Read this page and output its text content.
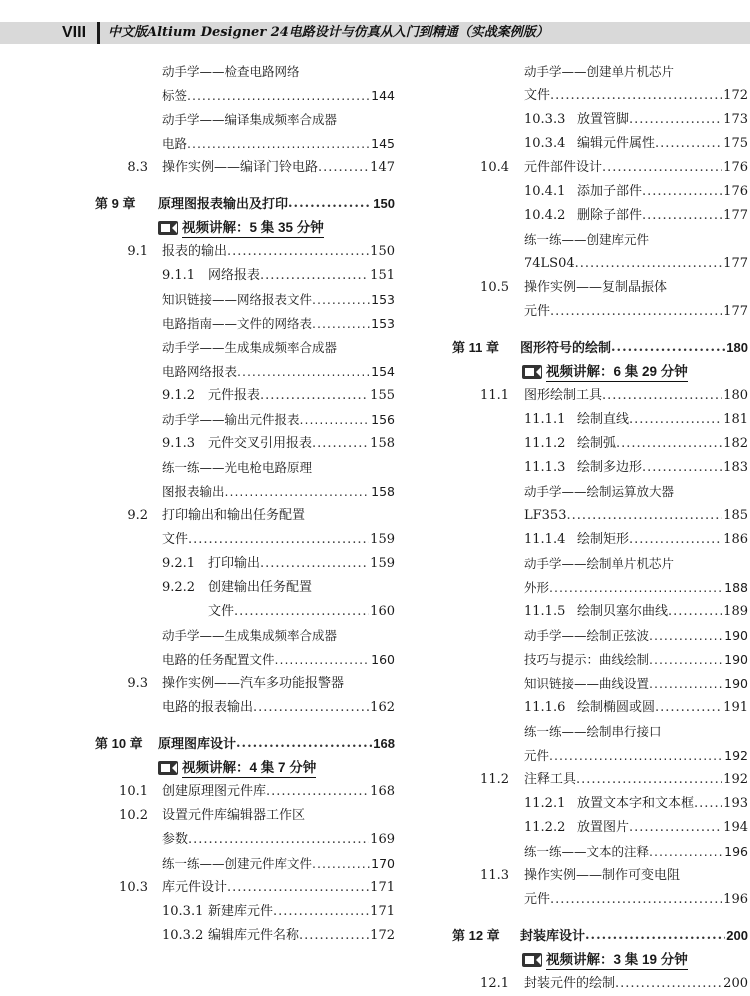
VIII 中文版Altium Designer 24电路设计与仿真从入门到精通（实战案例版）
动手学——检查电路网络
标签 .....	144
动手学——编译集成频率合成器
电路 .....	145
8.3 操作实例——编译门铃电路 .....	147
第 9 章 原理图报表输出及打印 .....	150
视频讲解：5 集 35 分钟
9.1 报表的输出 .....	150
9.1.1 网络报表 .....	151
知识链接——网络报表文件 .....	153
电路指南——文件的网络表 .....	153
动手学——生成集成频率合成器
电路网络报表 .....	154
9.1.2 元件报表 .....	155
动手学——输出元件报表 .....	156
9.1.3 元件交叉引用报表 .....	158
练一练——光电枪电路原理
图报表输出 .....	158
9.2 打印输出和输出任务配置
文件 .....	159
9.2.1 打印输出 .....	159
9.2.2 创建输出任务配置
文件 .....	160
动手学——生成集成频率合成器
电路的任务配置文件 .....	160
9.3 操作实例——汽车多功能报警器
电路的报表输出 .....	162
第 10 章 原理图库设计 .....	168
视频讲解：4 集 7 分钟
10.1 创建原理图元件库 .....	168
10.2 设置元件库编辑器工作区
参数 .....	169
练一练——创建元件库文件 .....	170
10.3 库元件设计 .....	171
10.3.1 新建库元件 .....	171
10.3.2 编辑库元件名称 .....	172
动手学——创建单片机芯片
文件 .....	172
10.3.3 放置管脚 .....	173
10.3.4 编辑元件属性 .....	175
10.4 元件部件设计 .....	176
10.4.1 添加子部件 .....	176
10.4.2 删除子部件 .....	177
练一练——创建库元件
74LS04 .....	177
10.5 操作实例——复制晶振体
元件 .....	177
第 11 章 图形符号的绘制 .....	180
视频讲解：6 集 29 分钟
11.1 图形绘制工具 .....	180
11.1.1 绘制直线 .....	181
11.1.2 绘制弧 .....	182
11.1.3 绘制多边形 .....	183
动手学——绘制运算放大器
LF353 .....	185
11.1.4 绘制矩形 .....	186
动手学——绘制单片机芯片
外形 .....	188
11.1.5 绘制贝塞尔曲线 .....	189
动手学——绘制正弦波 .....	190
技巧与提示：曲线绘制 .....	190
知识链接——曲线设置 .....	190
11.1.6 绘制椭圆或圆 .....	191
练一练——绘制串行接口
元件 .....	192
11.2 注释工具 .....	192
11.2.1 放置文本字和文本框 ..... 193
11.2.2 放置图片 .....	194
练一练——文本的注释 .....	196
11.3 操作实例——制作可变电阻
元件 .....	196
第 12 章 封装库设计 .....	200
视频讲解：3 集 19 分钟
12.1 封装元件的绘制 .....	200
